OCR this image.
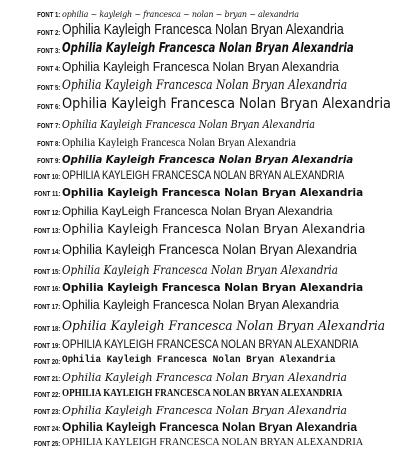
FONT 1: ophilia ~ kayleigh ~ francesca ~ nolan ~ bryan ~ alexandria
FONT 2: Ophilia Kayleigh Francesca Nolan Bryan Alexandria
FONT 3: Ophilia Kayleigh Francesca Nolan Bryan Alexandria
FONT 4: Ophilia Kayleigh Francesca Nolan Bryan Alexandria
FONT 5: Ophilia Kayleigh Francesca Nolan Bryan Alexandria
FONT 6: Ophilia Kayleigh Francesca Nolan Bryan Alexandria
FONT 7: Ophilia Kayleigh Francesca Nolan Bryan Alexandria
FONT 8: Ophilia Kayleigh Francesca Nolan Bryan Alexandria
FONT 9: Ophilia Kayleigh Francesca Nolan Bryan Alexandria
FONT 10: OPHILIA KAYLEIGH FRANCESCA NOLAN BRYAN ALEXANDRIA
FONT 11: Ophilia Kayleigh Francesca Nolan Bryan Alexandria
FONT 12: Ophilia KayLeigh Francesca Nolan Bryan Alexandria
FONT 13: Ophilia Kayleigh Francesca Nolan Bryan Alexandria
FONT 14: Ophilia Kayleigh Francesca Nolan Bryan Alexandria
FONT 15: Ophilia Kayleigh Francesca Nolan Bryan Alexandria
FONT 16: Ophilia Kayleigh Francesca Nolan Bryan Alexandria
FONT 17: Ophilia Kayleigh Francesca Nolan Bryan Alexandria
FONT 18: Ophilia Kayleigh Francesca Nolan Bryan Alexandria
FONT 19: OPHILIA KAYLEIGH FRANCESCA NOLAN BRYAN ALEXANDRIA
FONT 20: Ophilia Kayleigh Francesca Nolan Bryan Alexandria
FONT 21: Ophilia Kayleigh Francesca Nolan Bryan Alexandria
FONT 22: OPHILIA KAYLEIGH FRANCESCA NOLAN BRYAN ALEXANDRIA
FONT 23: Ophilia Kayleigh Francesca Nolan Bryan Alexandria
FONT 24: Ophilia Kayleigh Francesca Nolan Bryan Alexandria
FONT 25: OPHILIA KAYLEIGH FRANCESCA NOLAN BRYAN ALEXANDRIA
